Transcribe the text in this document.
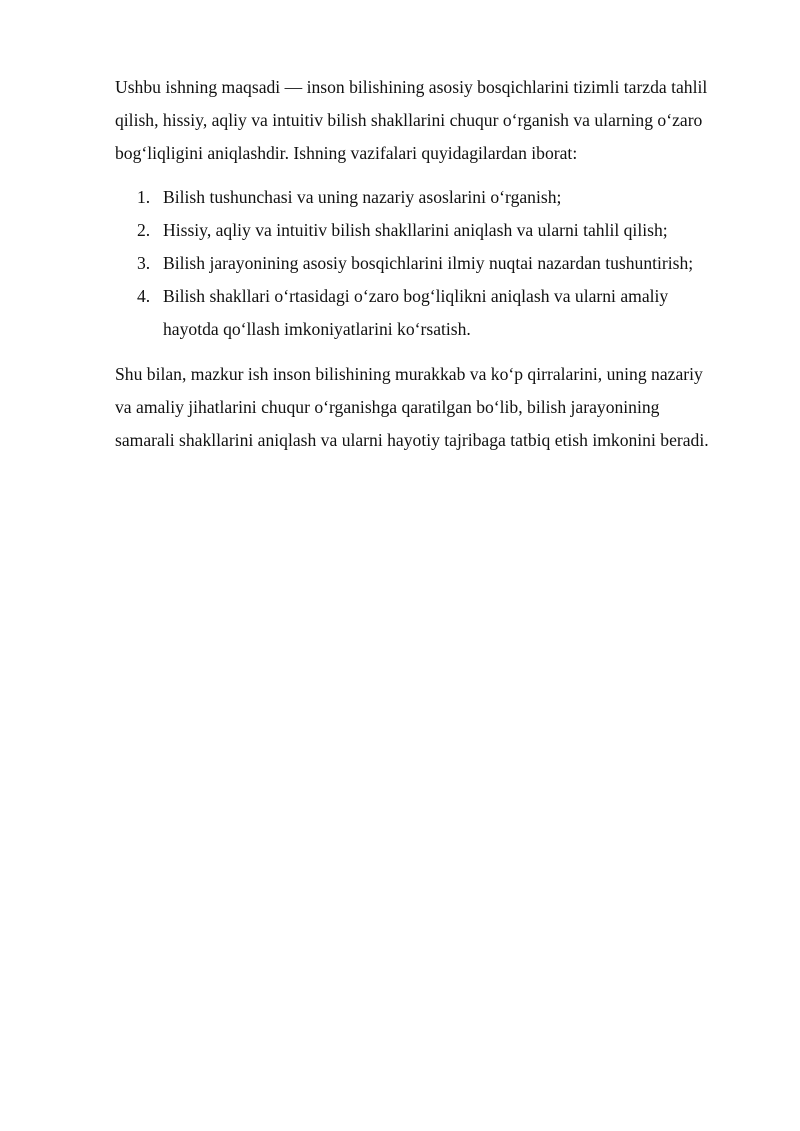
Ushbu ishning maqsadi — inson bilishining asosiy bosqichlarini tizimli tarzda tahlil qilish, hissiy, aqliy va intuitiv bilish shakllarini chuqur o‘rganish va ularning o‘zaro bog‘liqligini aniqlashdir. Ishning vazifalari quyidagilardan iborat:

1. Bilish tushunchasi va uning nazariy asoslarini o‘rganish;
2. Hissiy, aqliy va intuitiv bilish shakllarini aniqlash va ularni tahlil qilish;
3. Bilish jarayonining asosiy bosqichlarini ilmiy nuqtai nazardan tushuntirish;
4. Bilish shakllari o‘rtasidagi o‘zaro bog‘liqlikni aniqlash va ularni amaliy hayotda qo‘llash imkoniyatlarini ko‘rsatish.

Shu bilan, mazkur ish inson bilishining murakkab va ko‘p qirralarini, uning nazariy va amaliy jihatlarini chuqur o‘rganishga qaratilgan bo‘lib, bilish jarayonining samarali shakllarini aniqlash va ularni hayotiy tajribaga tatbiq etish imkonini beradi.
